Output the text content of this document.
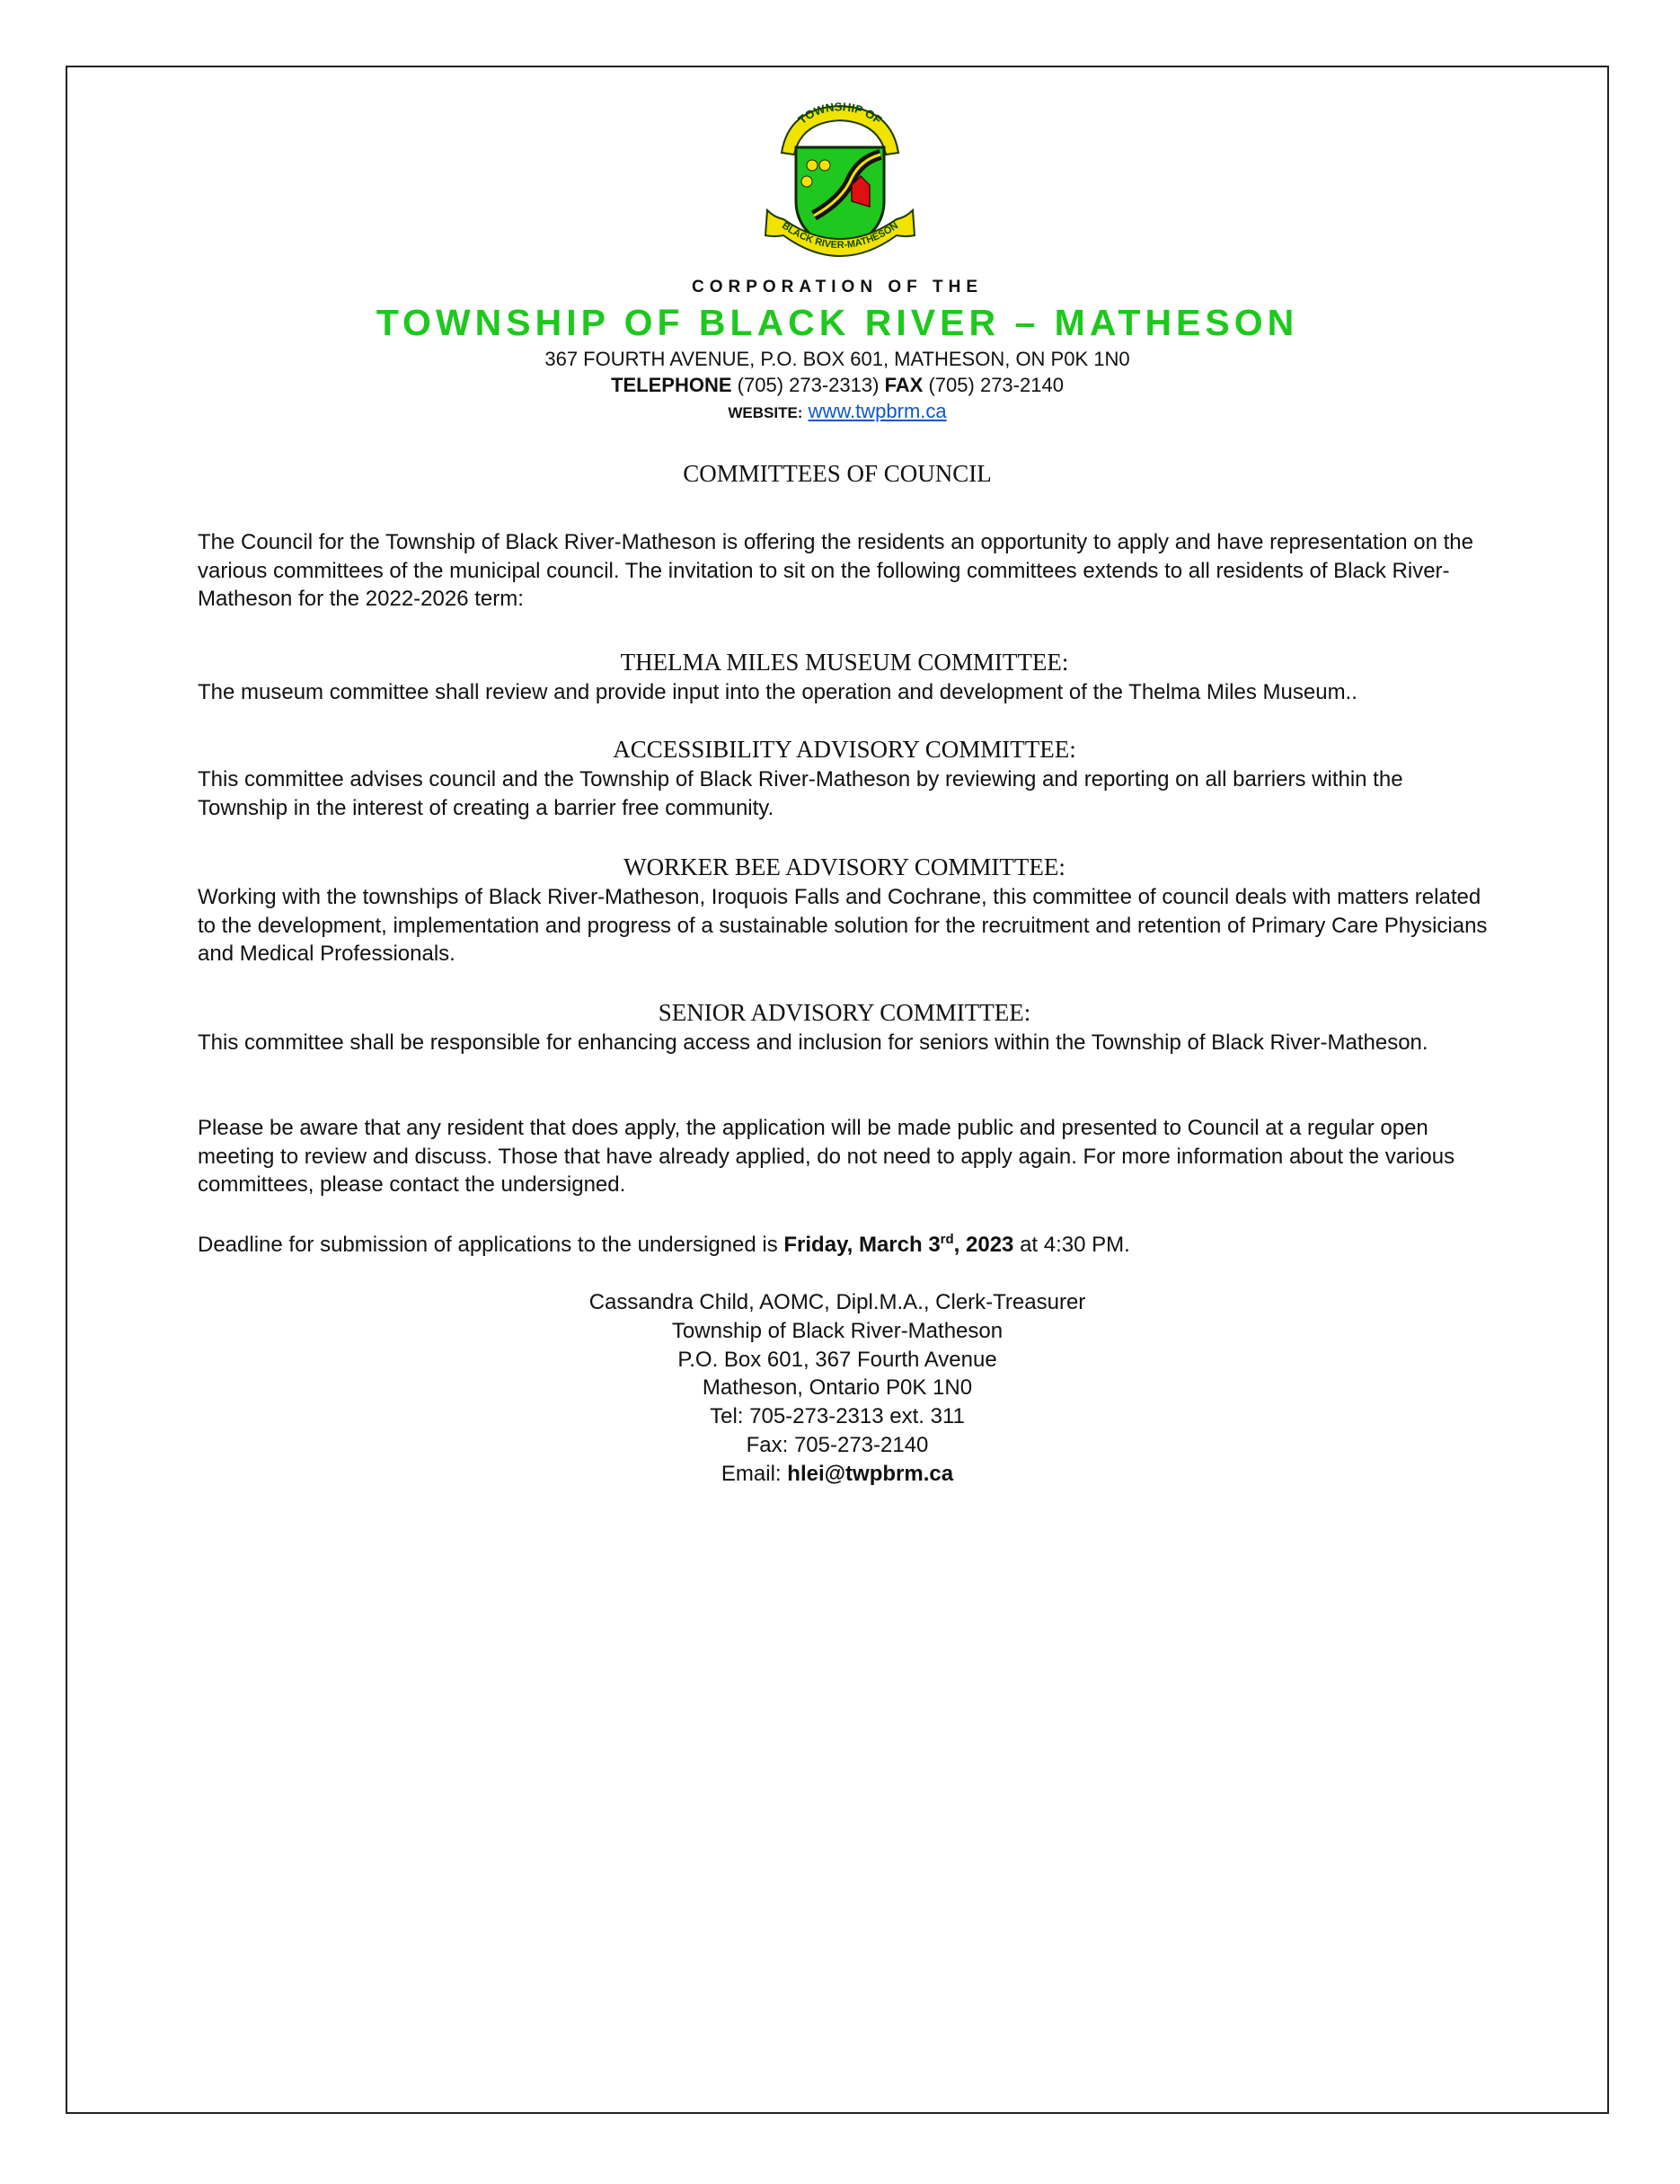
TOWNSHIP OF
BLACK RIVER-MATHESON
CORPORATION OF THE
TOWNSHIP OF BLACK RIVER – MATHESON
367 FOURTH AVENUE, P.O. BOX 601, MATHESON, ON P0K 1N0
TELEPHONE (705) 273-2313) FAX (705) 273-2140
WEBSITE: www.twpbrm.ca
COMMITTEES OF COUNCIL
The Council for the Township of Black River-Matheson is offering the residents an opportunity to apply and have representation on the various committees of the municipal council. The invitation to sit on the following committees extends to all residents of Black River-Matheson for the 2022-2026 term:
THELMA MILES MUSEUM COMMITTEE:
The museum committee shall review and provide input into the operation and development of the Thelma Miles Museum..
ACCESSIBILITY ADVISORY COMMITTEE:
This committee advises council and the Township of Black River-Matheson by reviewing and reporting on all barriers within the Township in the interest of creating a barrier free community.
WORKER BEE ADVISORY COMMITTEE:
Working with the townships of Black River-Matheson, Iroquois Falls and Cochrane, this committee of council deals with matters related to the development, implementation and progress of a sustainable solution for the recruitment and retention of Primary Care Physicians and Medical Professionals.
SENIOR ADVISORY COMMITTEE:
This committee shall be responsible for enhancing access and inclusion for seniors within the Township of Black River-Matheson.
Please be aware that any resident that does apply, the application will be made public and presented to Council at a regular open meeting to review and discuss. Those that have already applied, do not need to apply again. For more information about the various committees, please contact the undersigned.
Deadline for submission of applications to the undersigned is Friday, March 3rd, 2023 at 4:30 PM.
Cassandra Child, AOMC, Dipl.M.A., Clerk-Treasurer
Township of Black River-Matheson
P.O. Box 601, 367 Fourth Avenue
Matheson, Ontario P0K 1N0
Tel: 705-273-2313 ext. 311
Fax: 705-273-2140
Email: hlei@twpbrm.ca
